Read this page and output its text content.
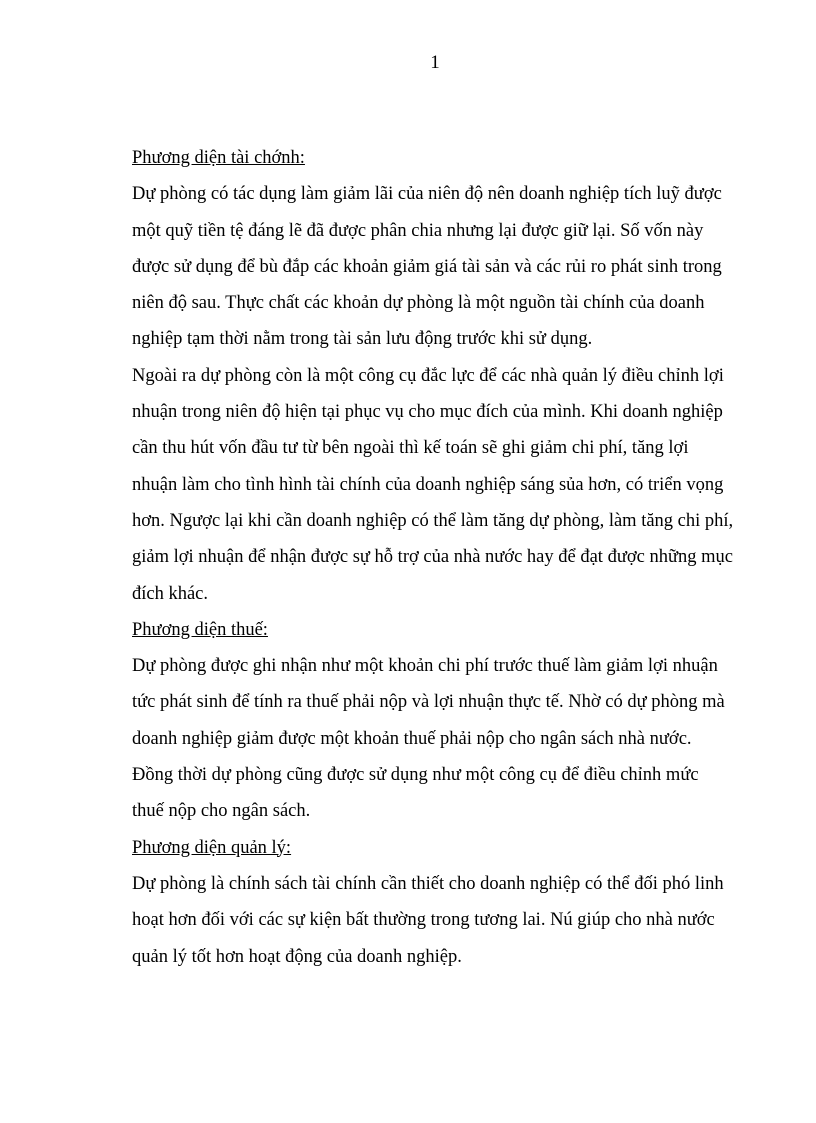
1
Phương diện tài chớnh:
Dự phòng có tác dụng làm giảm lãi của niên độ nên doanh nghiệp tích luỹ được
một quỹ tiền tệ đáng lẽ đã được phân chia nhưng lại được giữ lại. Số vốn này
được sử dụng để bù đắp các khoản giảm giá tài sản và các rủi ro phát sinh trong
niên độ sau. Thực chất các khoản dự phòng là một nguồn tài chính của doanh
nghiệp tạm thời nằm trong tài sản lưu động trước khi sử dụng.
Ngoài ra dự phòng còn là một công cụ đắc lực để các nhà quản lý điều chỉnh lợi
nhuận trong niên độ hiện tại phục vụ cho mục đích của mình. Khi doanh nghiệp
cần thu hút vốn đầu tư từ bên ngoài thì kế toán sẽ ghi giảm chi phí, tăng lợi
nhuận làm cho tình hình tài chính của doanh nghiệp sáng sủa hơn, có triển vọng
hơn. Ngược lại khi cần doanh nghiệp có thể làm tăng dự phòng, làm tăng chi phí,
giảm lợi nhuận để nhận được sự hỗ trợ của nhà nước hay để đạt được những mục
đích khác.
Phương diện thuế:
Dự phòng được ghi nhận như một khoản chi phí trước thuế làm giảm lợi nhuận
tức phát sinh để tính ra thuế phải nộp và lợi nhuận thực tế. Nhờ có dự phòng mà
doanh nghiệp giảm được một khoản thuế phải nộp cho ngân sách nhà nước.
Đồng thời dự phòng cũng được sử dụng như một công cụ để điều chỉnh mức
thuế nộp cho ngân sách.
Phương diện quản lý:
Dự phòng là chính sách tài chính cần thiết cho doanh nghiệp có thể đối phó linh
hoạt hơn đối với các sự kiện bất thường trong tương lai. Nú giúp cho nhà nước
quản lý tốt hơn hoạt động của doanh nghiệp.
